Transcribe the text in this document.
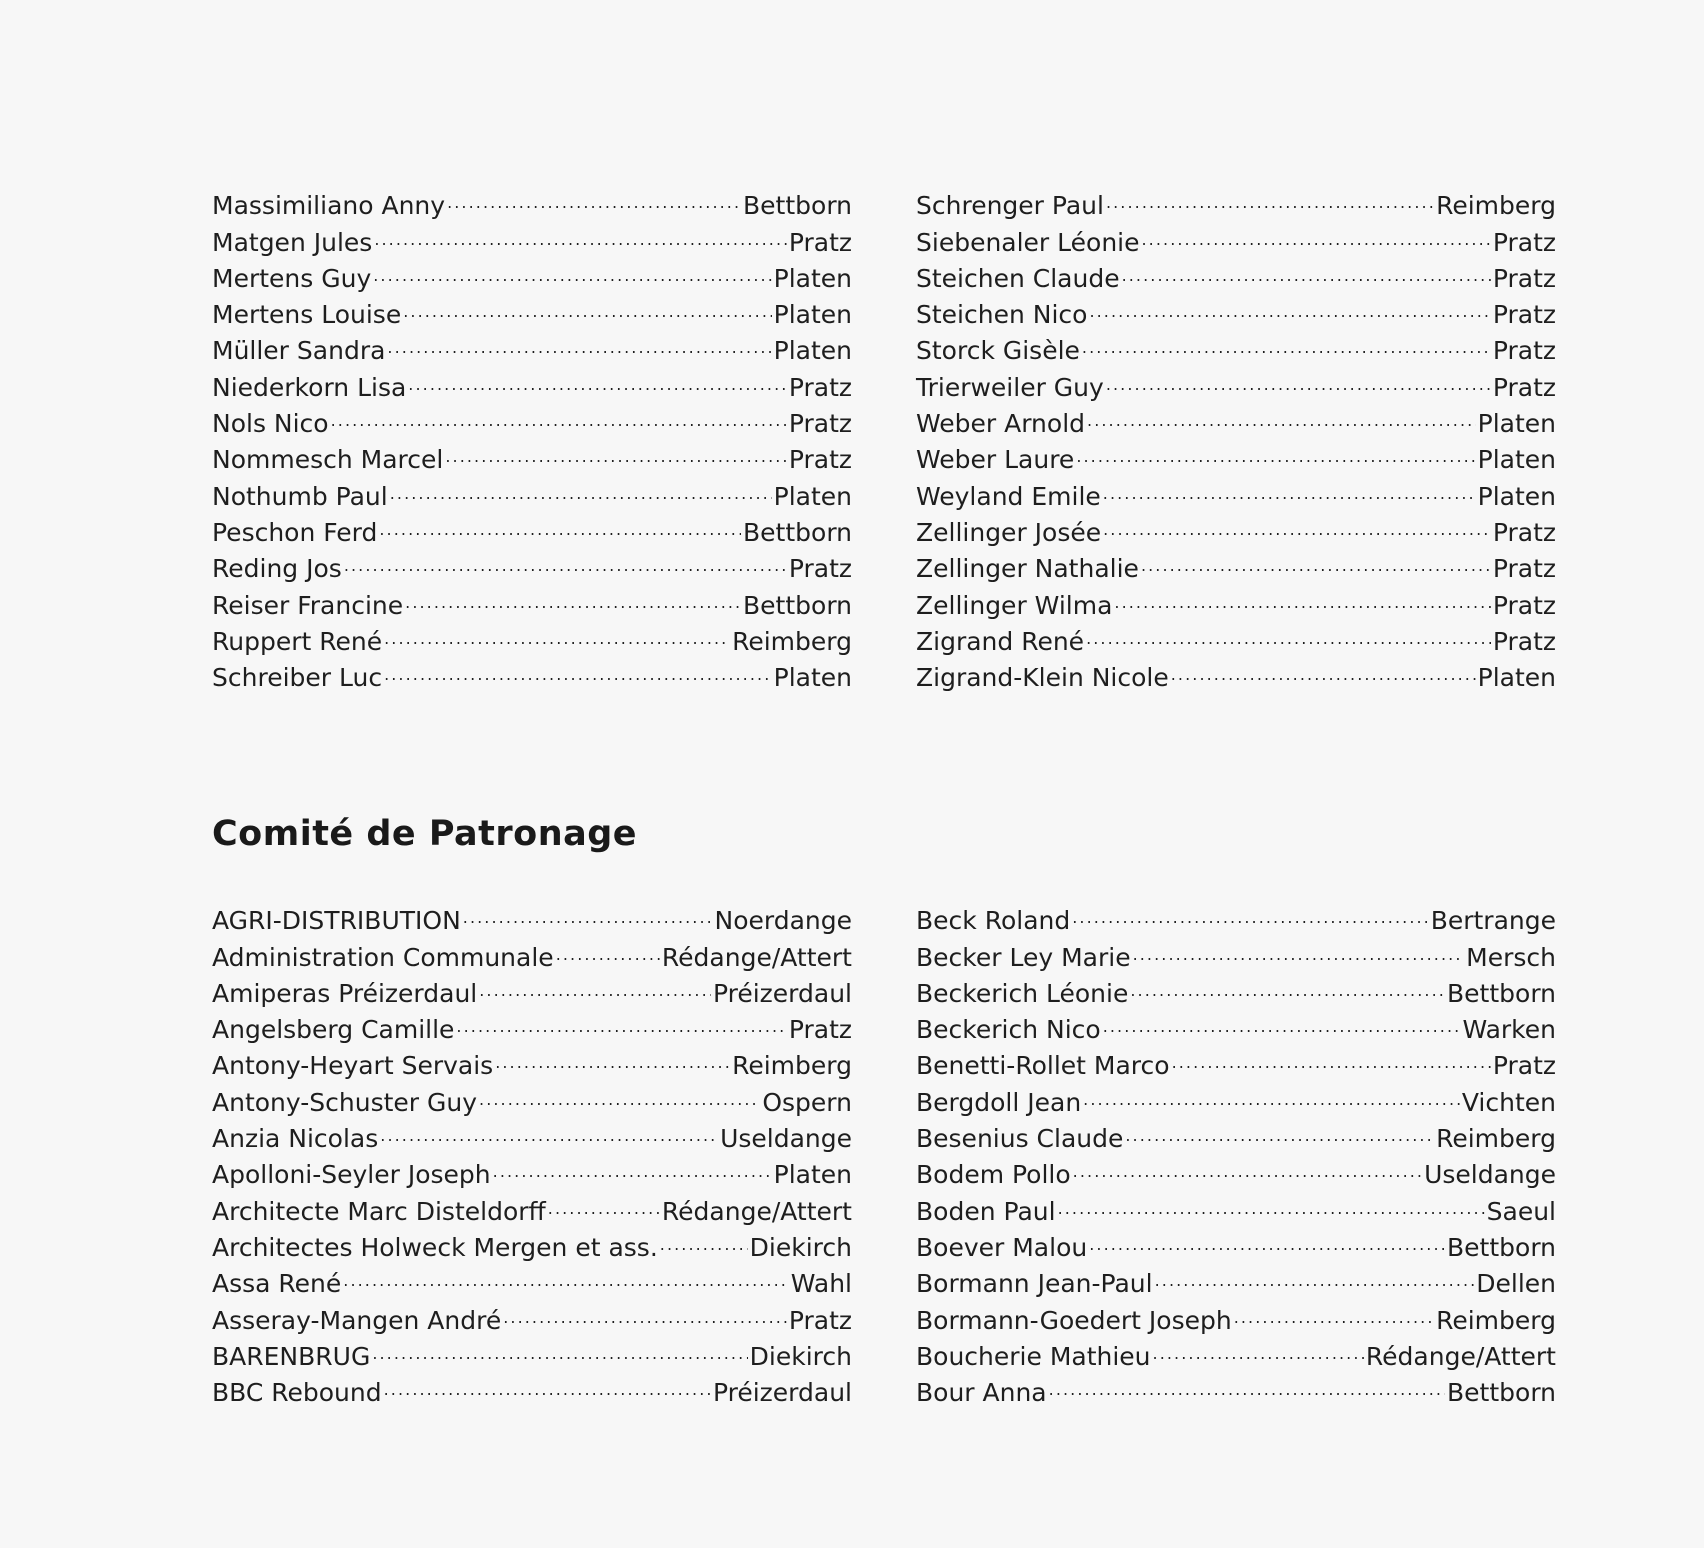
Massimiliano Anny . . .	Bettborn
Matgen Jules . . .	Pratz
Mertens Guy . . .	Platen
Mertens Louise . . .	Platen
Müller Sandra . . .	Platen
Niederkorn Lisa . . .	Pratz
Nols Nico . . .	Pratz
Nommesch Marcel . . .	Pratz
Nothumb Paul . . .	Platen
Peschon Ferd . . .	Bettborn
Reding Jos . . .	Pratz
Reiser Francine . . .	Bettborn
Ruppert René . . .	Reimberg
Schreiber Luc . . .	Platen
Schrenger Paul . . .	Reimberg
Siebenaler Léonie . . .	Pratz
Steichen Claude . . .	Pratz
Steichen Nico . . .	Pratz
Storck Gisèle . . .	Pratz
Trierweiler Guy . . .	Pratz
Weber Arnold . . .	Platen
Weber Laure . . .	Platen
Weyland Emile . . .	Platen
Zellinger Josée . . .	Pratz
Zellinger Nathalie . . .	Pratz
Zellinger Wilma . . .	Pratz
Zigrand René . . .	Pratz
Zigrand-Klein Nicole . . .	Platen
Comité de Patronage
AGRI-DISTRIBUTION . . .	Noerdange
Administration Communale . . .	Rédange/Attert
Amiperas Préizerdaul . . .	Préizerdaul
Angelsberg Camille . . .	Pratz
Antony-Heyart Servais . . .	Reimberg
Antony-Schuster Guy . . .	Ospern
Anzia Nicolas . . .	Useldange
Apolloni-Seyler Joseph . . .	Platen
Architecte Marc Disteldorff . . .	Rédange/Attert
Architectes Holweck Mergen et ass. . . .	Diekirch
Assa René . . .	Wahl
Asseray-Mangen André . . .	Pratz
BARENBRUG . . .	Diekirch
BBC Rebound . . .	Préizerdaul
Beck Roland . . .	Bertrange
Becker Ley Marie . . .	Mersch
Beckerich Léonie . . .	Bettborn
Beckerich Nico . . .	Warken
Benetti-Rollet Marco . . .	Pratz
Bergdoll Jean . . .	Vichten
Besenius Claude . . .	Reimberg
Bodem Pollo . . .	Useldange
Boden Paul . . .	Saeul
Boever Malou . . .	Bettborn
Bormann Jean-Paul . . .	Dellen
Bormann-Goedert Joseph . . .	Reimberg
Boucherie Mathieu . . .	Rédange/Attert
Bour Anna . . .	Bettborn
